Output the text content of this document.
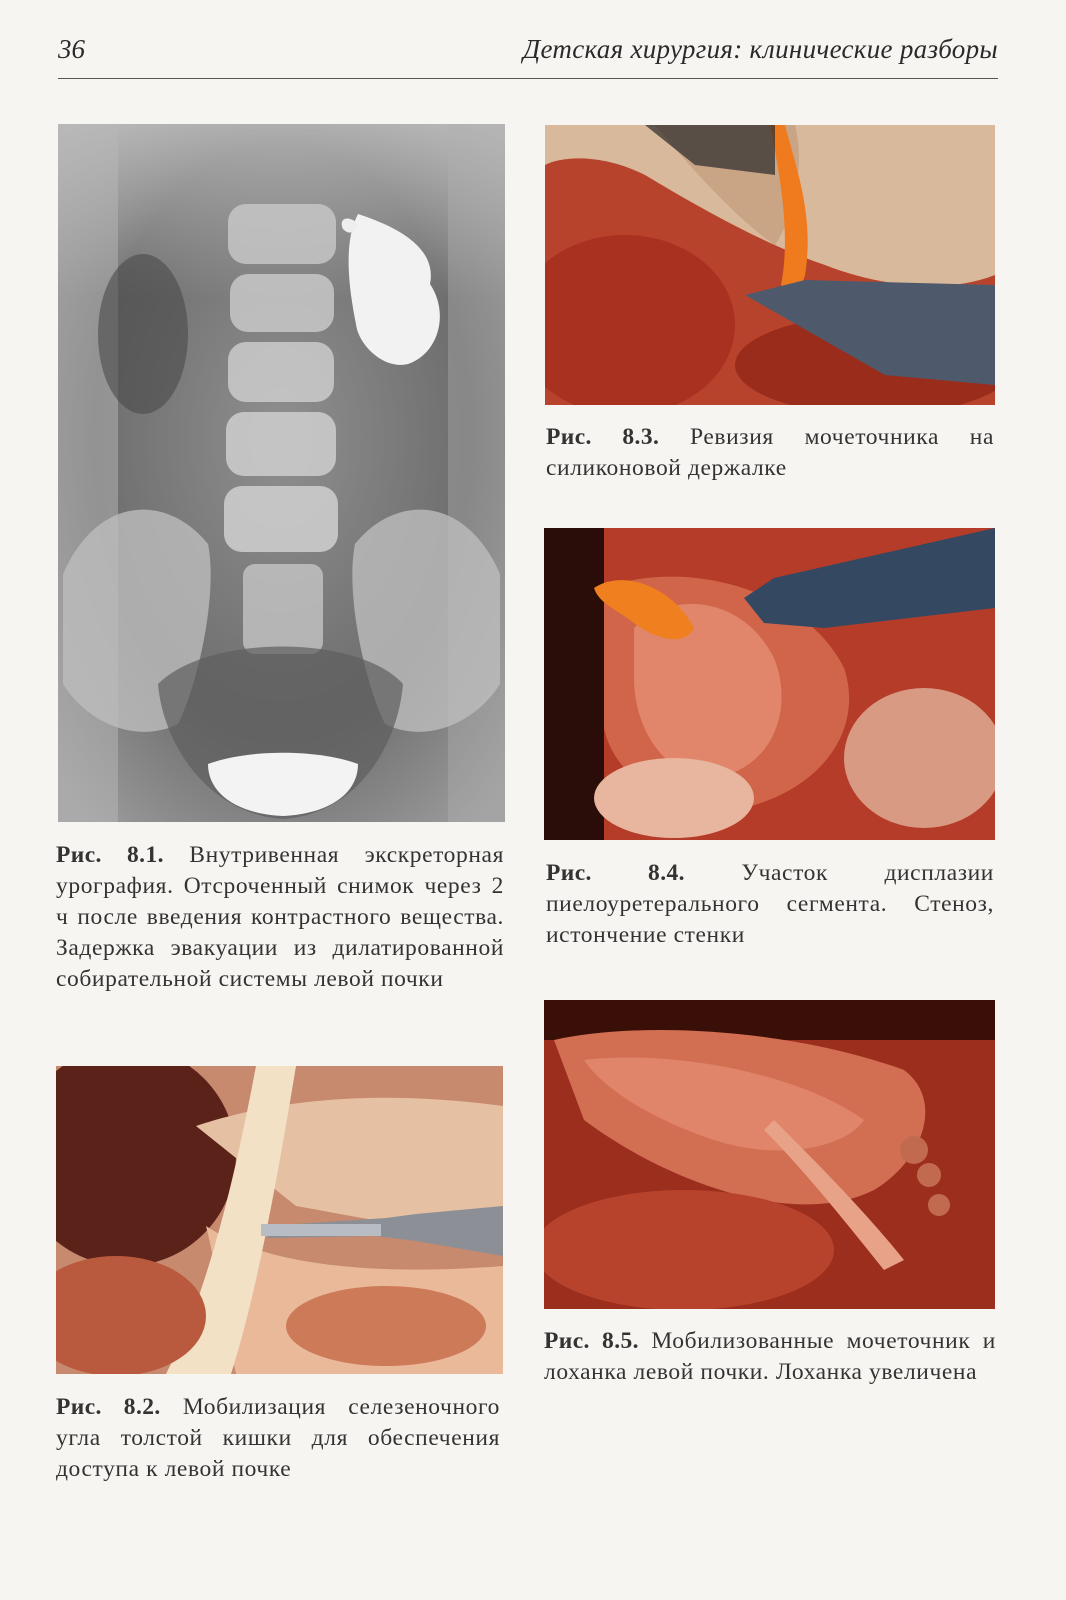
36	Детская хирургия: клинические разборы
Рис. 8.1. Внутривенная экскреторная урография. Отсроченный снимок через 2 ч после введения контрастного вещества. Задержка эвакуации из дилатированной собирательной системы левой почки
Рис. 8.2. Мобилизация селезеночного угла толстой кишки для обеспечения доступа к левой почке
Рис. 8.3. Ревизия мочеточника на силиконовой держалке
Рис. 8.4. Участок дисплазии пиелоуретерального сегмента. Стеноз, истончение стенки
Рис. 8.5. Мобилизованные мочеточник и лоханка левой почки. Лоханка увеличена
